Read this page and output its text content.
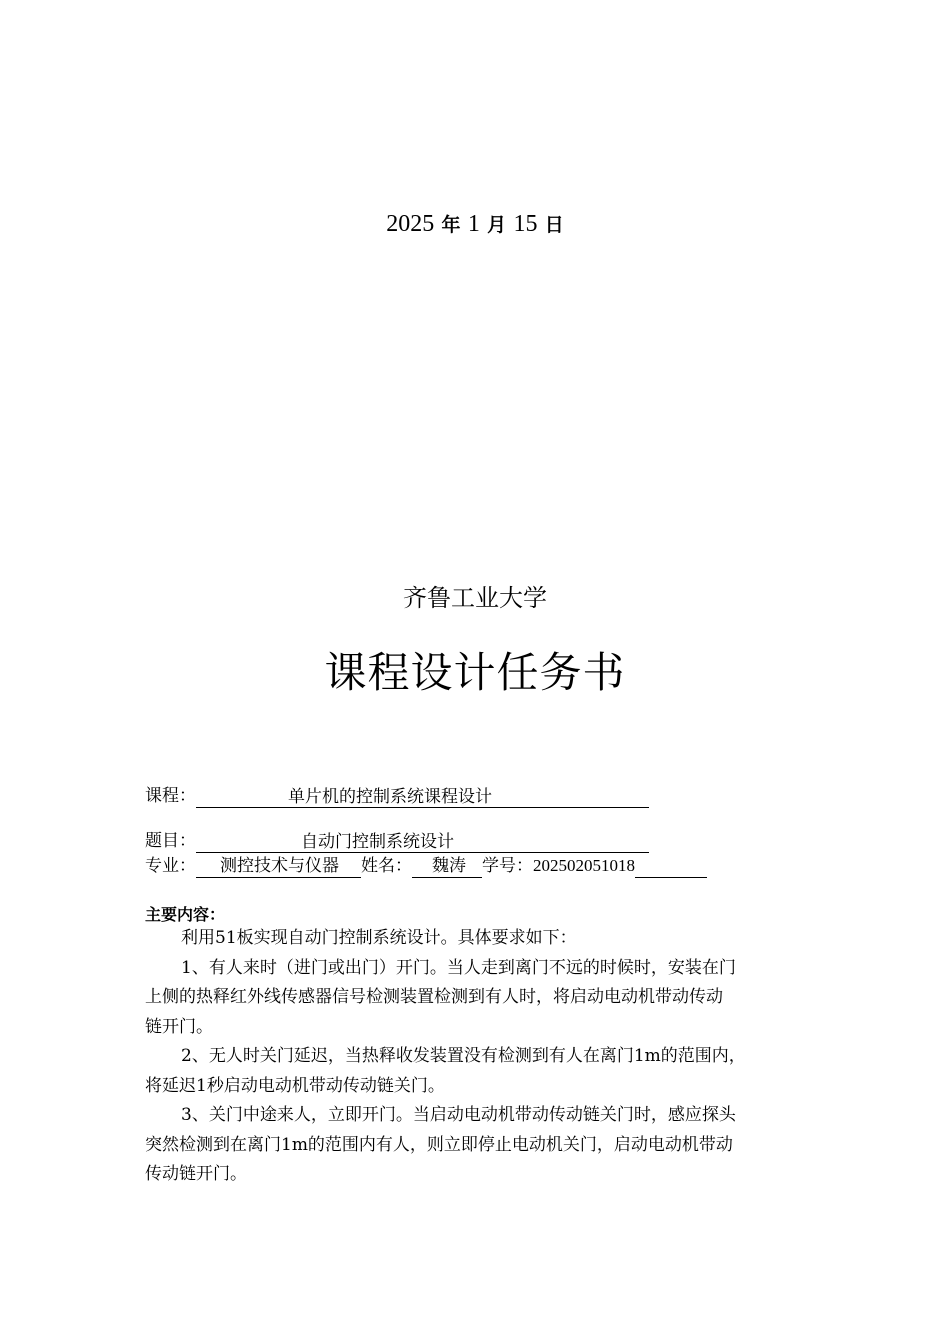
2025 年 1 月 15 日
齐鲁工业大学
课程设计任务书
课程：	单片机的控制系统课程设计
题目：	自动门控制系统设计
专业： 测控技术与仪器 姓名： 魏涛 学号：202502051018
主要内容：

利用51板实现自动门控制系统设计。具体要求如下：

1、有人来时（进门或出门）开门。当人走到离门不远的时候时，安装在门
上侧的热释红外线传感器信号检测装置检测到有人时，将启动电动机带动传动
链开门。

2、无人时关门延迟，当热释收发装置没有检测到有人在离门1m的范围内，
将延迟1秒启动电动机带动传动链关门。

3、关门中途来人，立即开门。当启动电动机带动传动链关门时，感应探头
突然检测到在离门1m的范围内有人，则立即停止电动机关门，启动电动机带动
传动链开门。
